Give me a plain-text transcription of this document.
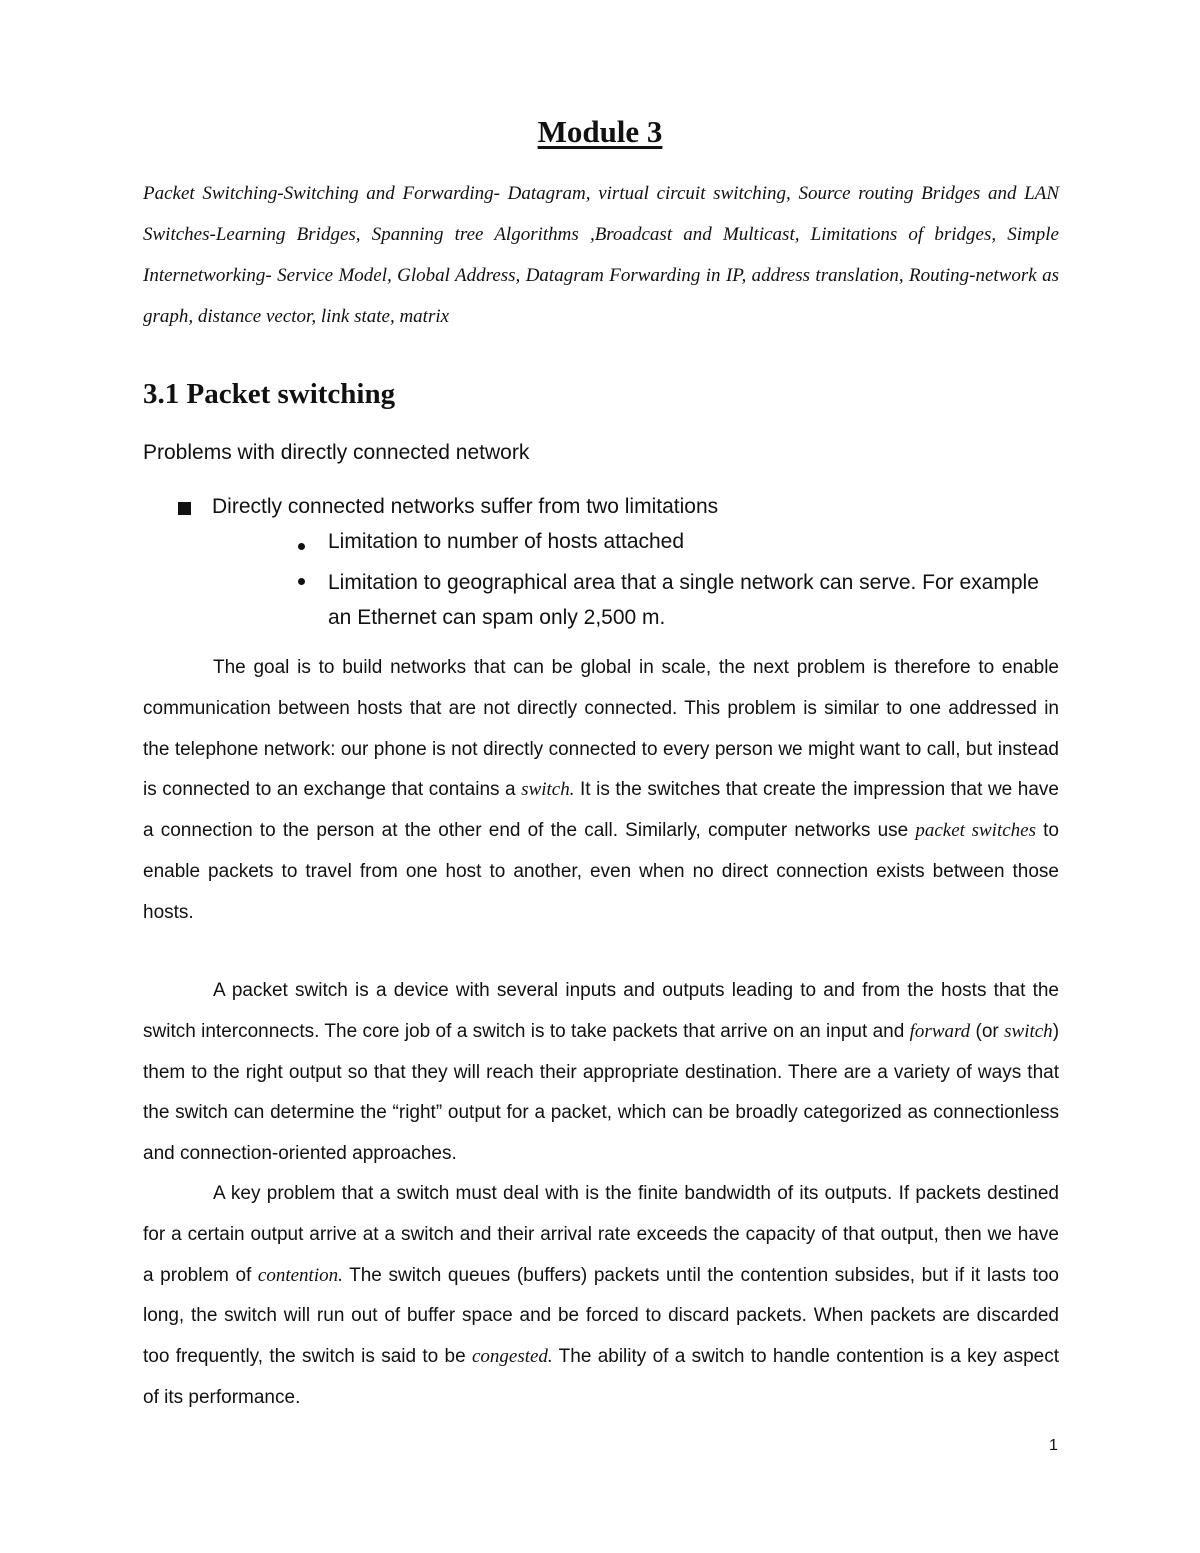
Module 3
Packet Switching-Switching and Forwarding- Datagram, virtual circuit switching, Source routing Bridges and LAN Switches-Learning Bridges, Spanning tree Algorithms ,Broadcast and Multicast, Limitations of bridges, Simple Internetworking- Service Model, Global Address, Datagram Forwarding in IP, address translation, Routing-network as graph, distance vector, link state, matrix
3.1 Packet switching
Problems with directly connected network
Directly connected networks suffer from two limitations
Limitation to number of hosts attached
Limitation to geographical area that a single network can serve. For example an Ethernet can spam only 2,500 m.
The goal is to build networks that can be global in scale, the next problem is therefore to enable communication between hosts that are not directly connected. This problem is similar to one addressed in the telephone network: our phone is not directly connected to every person we might want to call, but instead is connected to an exchange that contains a switch. It is the switches that create the impression that we have a connection to the person at the other end of the call. Similarly, computer networks use packet switches to enable packets to travel from one host to another, even when no direct connection exists between those hosts.
A packet switch is a device with several inputs and outputs leading to and from the hosts that the switch interconnects. The core job of a switch is to take packets that arrive on an input and forward (or switch) them to the right output so that they will reach their appropriate destination. There are a variety of ways that the switch can determine the “right” output for a packet, which can be broadly categorized as connectionless and connection-oriented approaches.
A key problem that a switch must deal with is the finite bandwidth of its outputs. If packets destined for a certain output arrive at a switch and their arrival rate exceeds the capacity of that output, then we have a problem of contention. The switch queues (buffers) packets until the contention subsides, but if it lasts too long, the switch will run out of buffer space and be forced to discard packets. When packets are discarded too frequently, the switch is said to be congested. The ability of a switch to handle contention is a key aspect of its performance.
1
